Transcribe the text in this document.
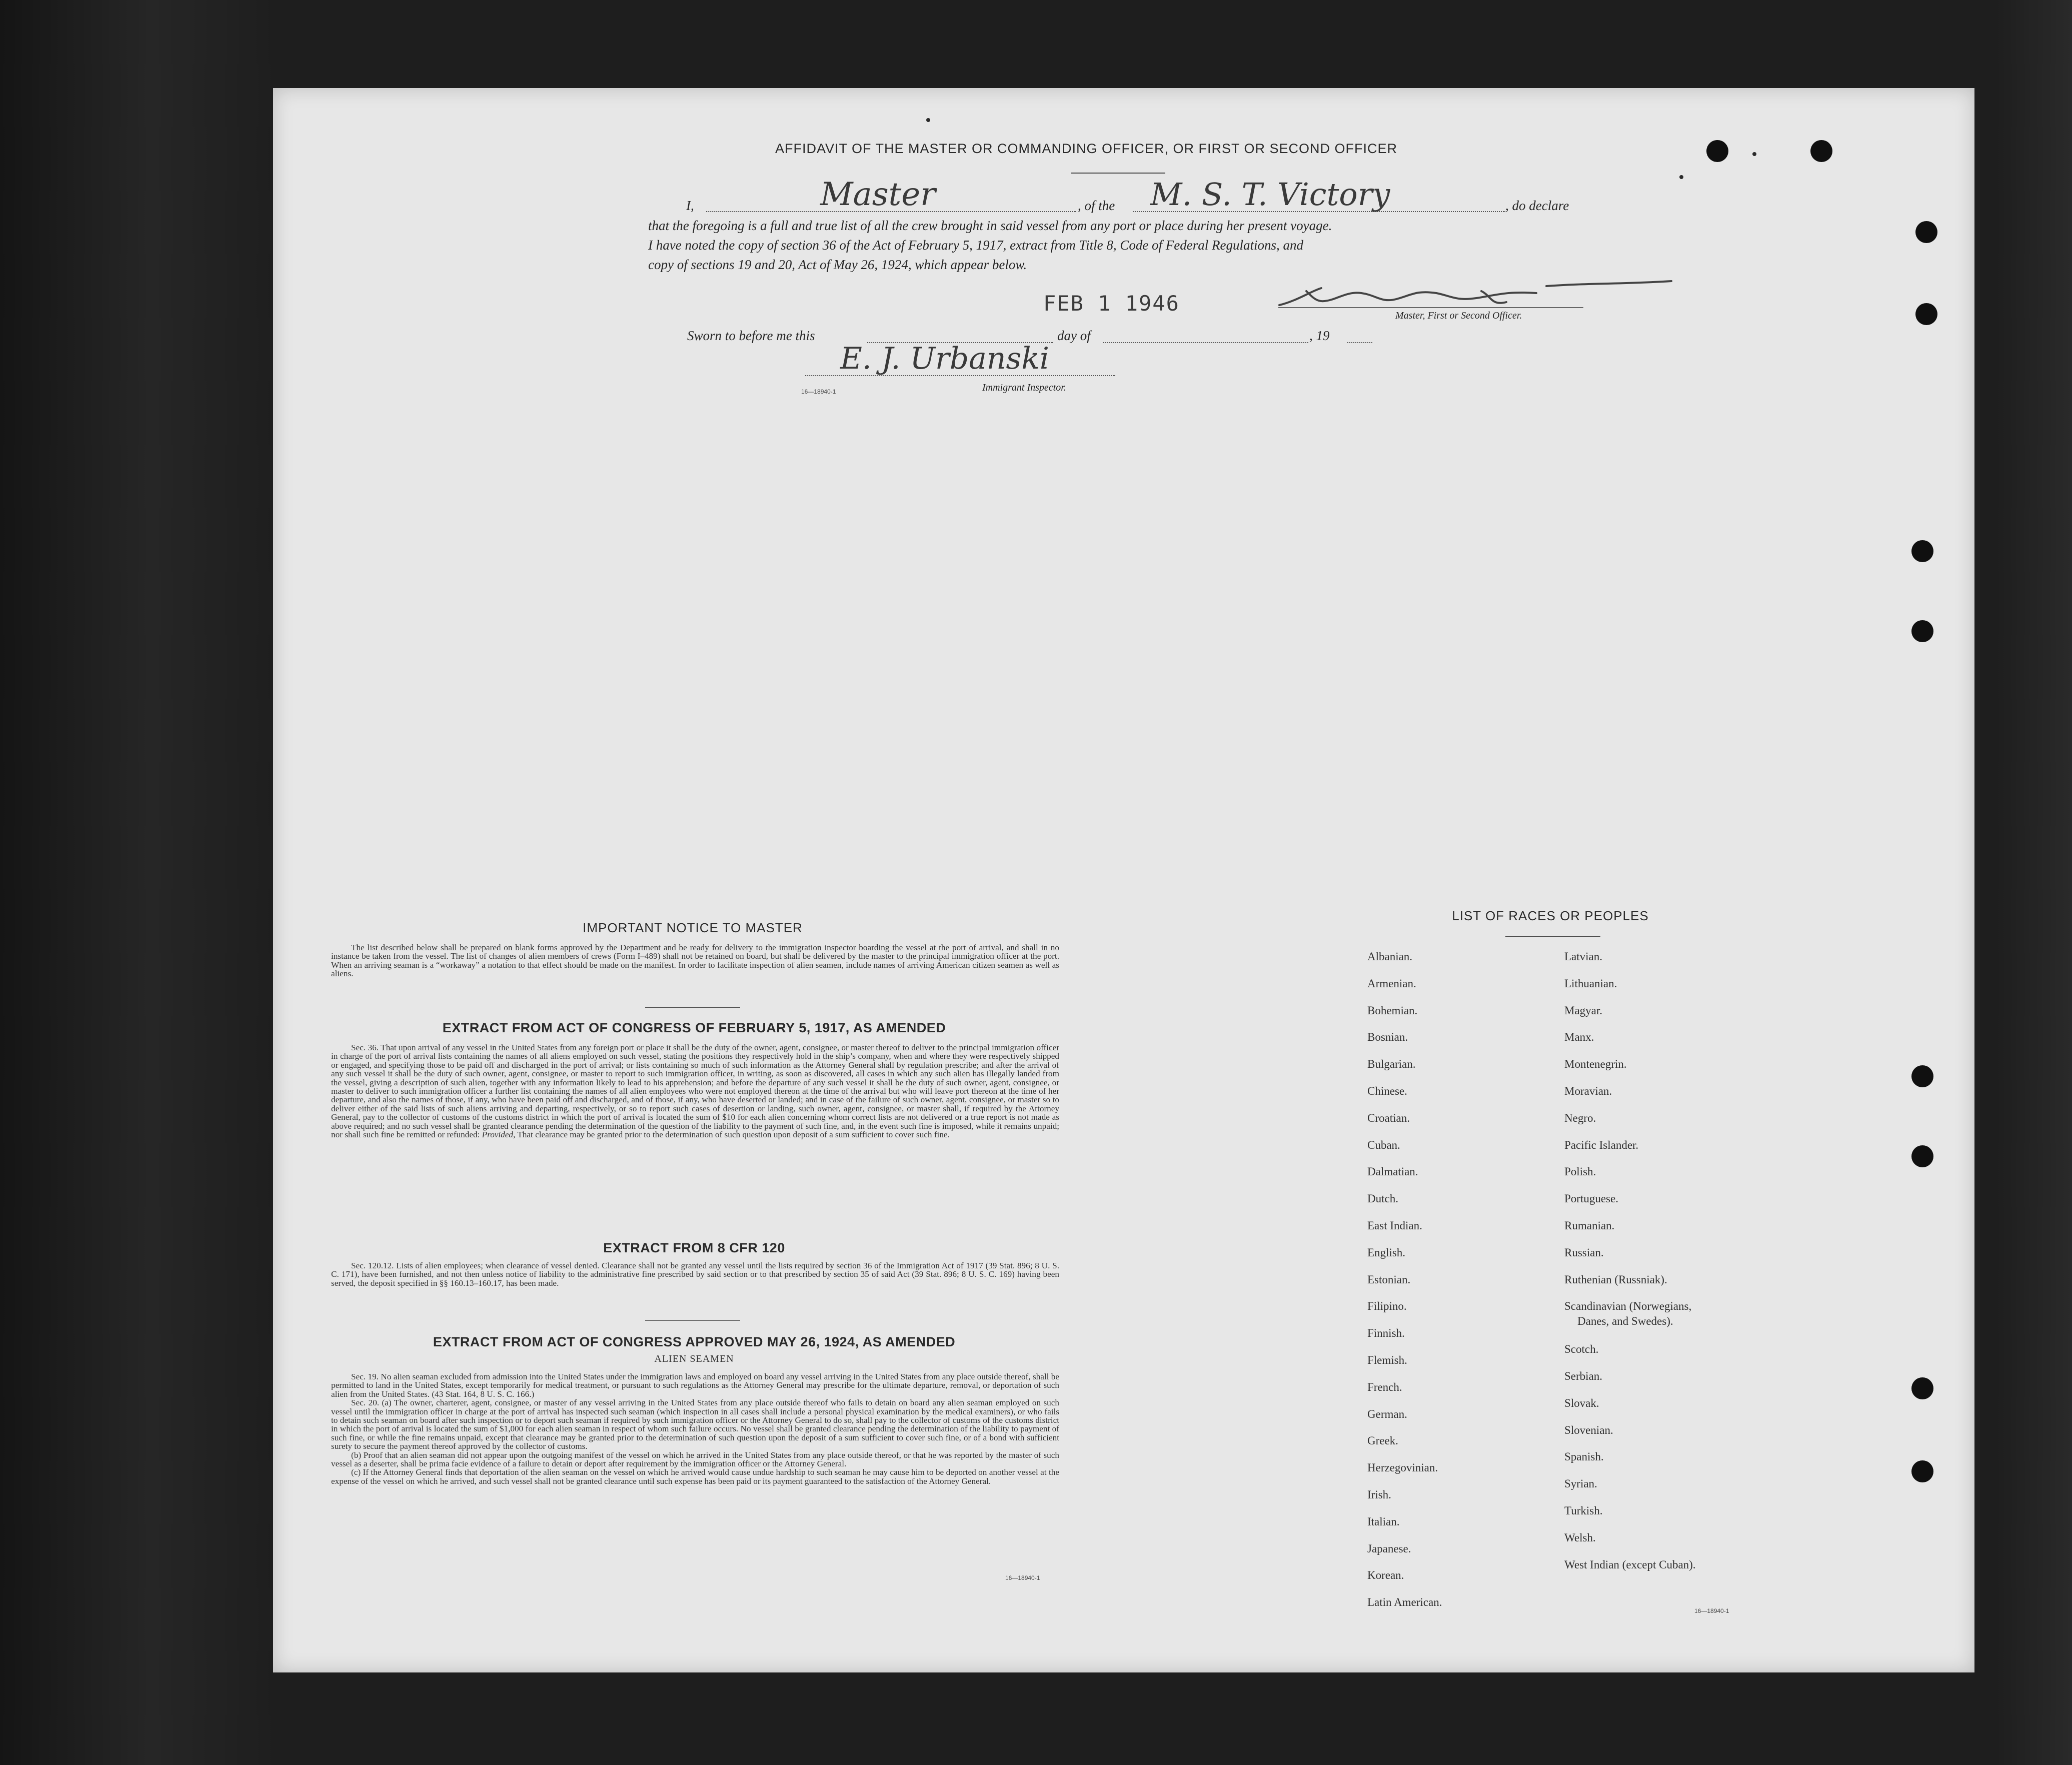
AFFIDAVIT OF THE MASTER OR COMMANDING OFFICER, OR FIRST OR SECOND OFFICER
I,	Master	, of the M. S. T. Victory	, do declare
that the foregoing is a full and true list of all the crew brought in said vessel from any port or place during her present voyage.
I have noted the copy of section 36 of the Act of February 5, 1917, extract from Title 8, Code of Federal Regulations, and
copy of sections 19 and 20, Act of May 26, 1924, which appear below.
FEB 1 1946	Master, First or Second Officer.
Sworn to before me this	day of	, 19
E. J. Urbanski
16—18940-1	Immigrant Inspector.
IMPORTANT NOTICE TO MASTER
The list described below shall be prepared on blank forms approved by the Department and be ready for delivery to the immigration inspector boarding the vessel at the port of arrival, and shall in no instance be taken from the vessel. The list of changes of alien members of crews (Form I–489) shall not be retained on board, but shall be delivered by the master to the principal immigration officer at the port. When an arriving seaman is a “workaway” a notation to that effect should be made on the manifest. In order to facilitate inspection of alien seamen, include names of arriving American citizen seamen as well as aliens.
EXTRACT FROM ACT OF CONGRESS OF FEBRUARY 5, 1917, AS AMENDED
Sec. 36. That upon arrival of any vessel in the United States from any foreign port or place it shall be the duty of the owner, agent, consignee, or master thereof to deliver to the principal immigration officer in charge of the port of arrival lists containing the names of all aliens employed on such vessel, stating the positions they respectively hold in the ship’s company, when and where they were respectively shipped or engaged, and specifying those to be paid off and discharged in the port of arrival; or lists containing so much of such information as the Attorney General shall by regulation prescribe; and after the arrival of any such vessel it shall be the duty of such owner, agent, consignee, or master to report to such immigration officer, in writing, as soon as discovered, all cases in which any such alien has illegally landed from the vessel, giving a description of such alien, together with any information likely to lead to his apprehension; and before the departure of any such vessel it shall be the duty of such owner, agent, consignee, or master to deliver to such immigration officer a further list containing the names of all alien employees who were not employed thereon at the time of the arrival but who will leave port thereon at the time of her departure, and also the names of those, if any, who have been paid off and discharged, and of those, if any, who have deserted or landed; and in case of the failure of such owner, agent, consignee, or master so to deliver either of the said lists of such aliens arriving and departing, respectively, or so to report such cases of desertion or landing, such owner, agent, consignee, or master shall, if required by the Attorney General, pay to the collector of customs of the customs district in which the port of arrival is located the sum of $10 for each alien concerning whom correct lists are not delivered or a true report is not made as above required; and no such vessel shall be granted clearance pending the determination of the question of the liability to the payment of such fine, and, in the event such fine is imposed, while it remains unpaid; nor shall such fine be remitted or refunded: Provided, That clearance may be granted prior to the determination of such question upon deposit of a sum sufficient to cover such fine.
EXTRACT FROM 8 CFR 120
Sec. 120.12. Lists of alien employees; when clearance of vessel denied. Clearance shall not be granted any vessel until the lists required by section 36 of the Immigration Act of 1917 (39 Stat. 896; 8 U. S. C. 171), have been furnished, and not then unless notice of liability to the administrative fine prescribed by said section or to that prescribed by section 35 of said Act (39 Stat. 896; 8 U. S. C. 169) having been served, the deposit specified in §§ 160.13–160.17, has been made.
EXTRACT FROM ACT OF CONGRESS APPROVED MAY 26, 1924, AS AMENDED
ALIEN SEAMEN

Sec. 19. No alien seaman excluded from admission into the United States under the immigration laws and employed on board any vessel arriving in the United States from any place outside thereof, shall be permitted to land in the United States, except temporarily for medical treatment, or pursuant to such regulations as the Attorney General may prescribe for the ultimate departure, removal, or deportation of such alien from the United States. (43 Stat. 164, 8 U. S. C. 166.)

Sec. 20. (a) The owner, charterer, agent, consignee, or master of any vessel arriving in the United States from any place outside thereof who fails to detain on board any alien seaman employed on such vessel until the immigration officer in charge at the port of arrival has inspected such seaman (which inspection in all cases shall include a personal physical examination by the medical examiners), or who fails to detain such seaman on board after such inspection or to deport such seaman if required by such immigration officer or the Attorney General to do so, shall pay to the collector of customs of the customs district in which the port of arrival is located the sum of $1,000 for each alien seaman in respect of whom such failure occurs. No vessel shall be granted clearance pending the determination of the liability to payment of such fine, or while the fine remains unpaid, except that clearance may be granted prior to the determination of such question upon the deposit of a sum sufficient to cover such fine, or of a bond with sufficient surety to secure the payment thereof approved by the collector of customs.

(b) Proof that an alien seaman did not appear upon the outgoing manifest of the vessel on which he arrived in the United States from any place outside thereof, or that he was reported by the master of such vessel as a deserter, shall be prima facie evidence of a failure to detain or deport after requirement by the immigration officer or the Attorney General.

(c) If the Attorney General finds that deportation of the alien seaman on the vessel on which he arrived would cause undue hardship to such seaman he may cause him to be deported on another vessel at the expense of the vessel on which he arrived, and such vessel shall not be granted clearance until such expense has been paid or its payment guaranteed to the satisfaction of the Attorney General.

16—18940-1
LIST OF RACES OR PEOPLES
Albanian.
Armenian.
Bohemian.
Bosnian.
Bulgarian.
Chinese.
Croatian.
Cuban.
Dalmatian.
Dutch.
East Indian.
English.
Estonian.
Filipino.
Finnish.
Flemish.
French.
German.
Greek.
Herzegovinian.
Irish.
Italian.
Japanese.
Korean.
Latin American.
Latvian.
Lithuanian.
Magyar.
Manx.
Montenegrin.
Moravian.
Negro.
Pacific Islander.
Polish.
Portuguese.
Rumanian.
Russian.
Ruthenian (Russniak).
Scandinavian (Norwegians,
Danes, and Swedes).
Scotch.
Serbian.
Slovak.
Slovenian.
Spanish.
Syrian.
Turkish.
Welsh.
West Indian (except Cuban).
16—18940-1
